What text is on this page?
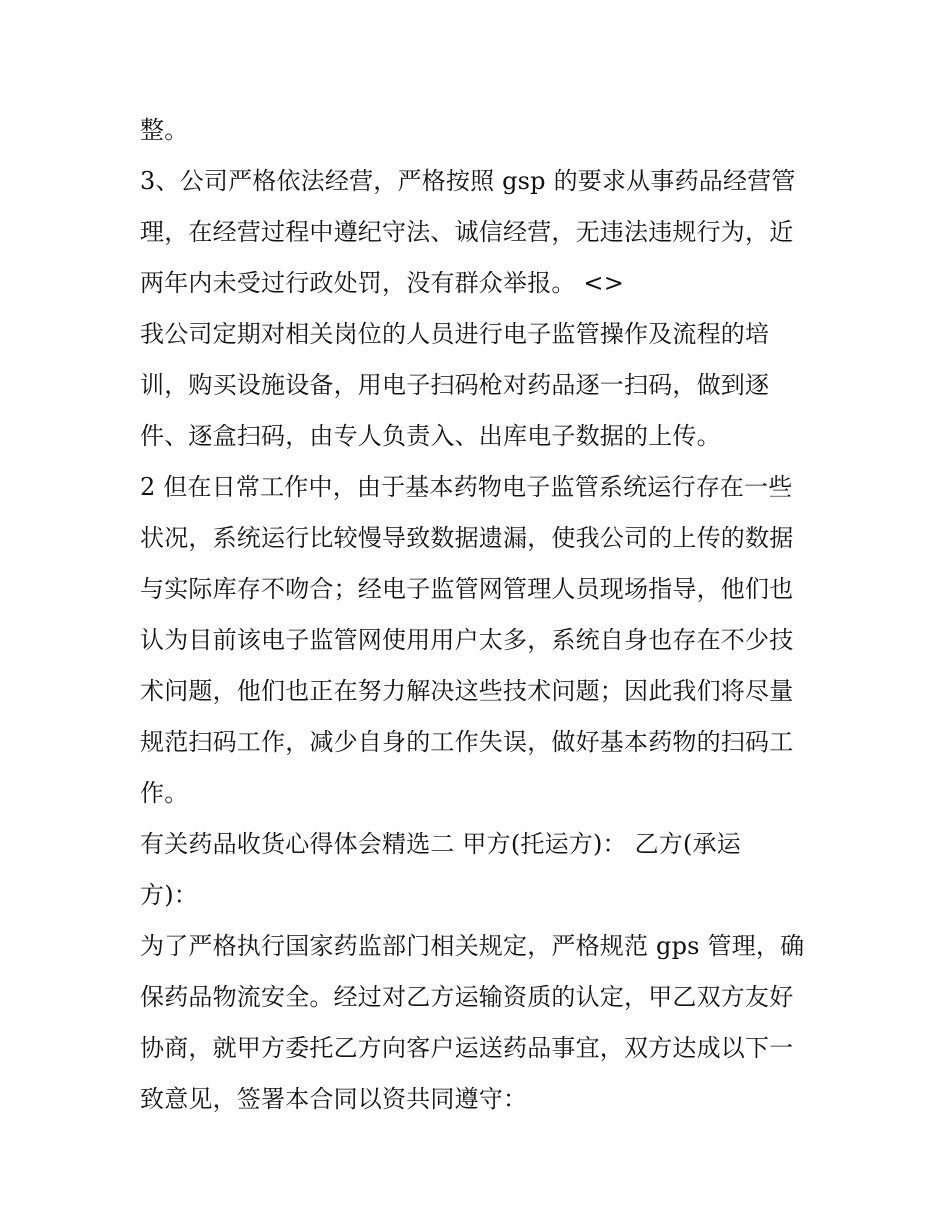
整。
3、公司严格依法经营，严格按照 gsp 的要求从事药品经营管
理，在经营过程中遵纪守法、诚信经营，无违法违规行为，近
两年内未受过行政处罚，没有群众举报。 <>
我公司定期对相关岗位的人员进行电子监管操作及流程的培
训，购买设施设备，用电子扫码枪对药品逐一扫码，做到逐
件、逐盒扫码，由专人负责入、出库电子数据的上传。
2 但在日常工作中，由于基本药物电子监管系统运行存在一些
状况，系统运行比较慢导致数据遗漏，使我公司的上传的数据
与实际库存不吻合；经电子监管网管理人员现场指导，他们也
认为目前该电子监管网使用用户太多，系统自身也存在不少技
术问题，他们也正在努力解决这些技术问题；因此我们将尽量
规范扫码工作，减少自身的工作失误，做好基本药物的扫码工
作。
有关药品收货心得体会精选二 甲方(托运方)： 乙方(承运
方)：
为了严格执行国家药监部门相关规定，严格规范 gps 管理，确
保药品物流安全。经过对乙方运输资质的认定，甲乙双方友好
协商，就甲方委托乙方向客户运送药品事宜，双方达成以下一
致意见，签署本合同以资共同遵守：
